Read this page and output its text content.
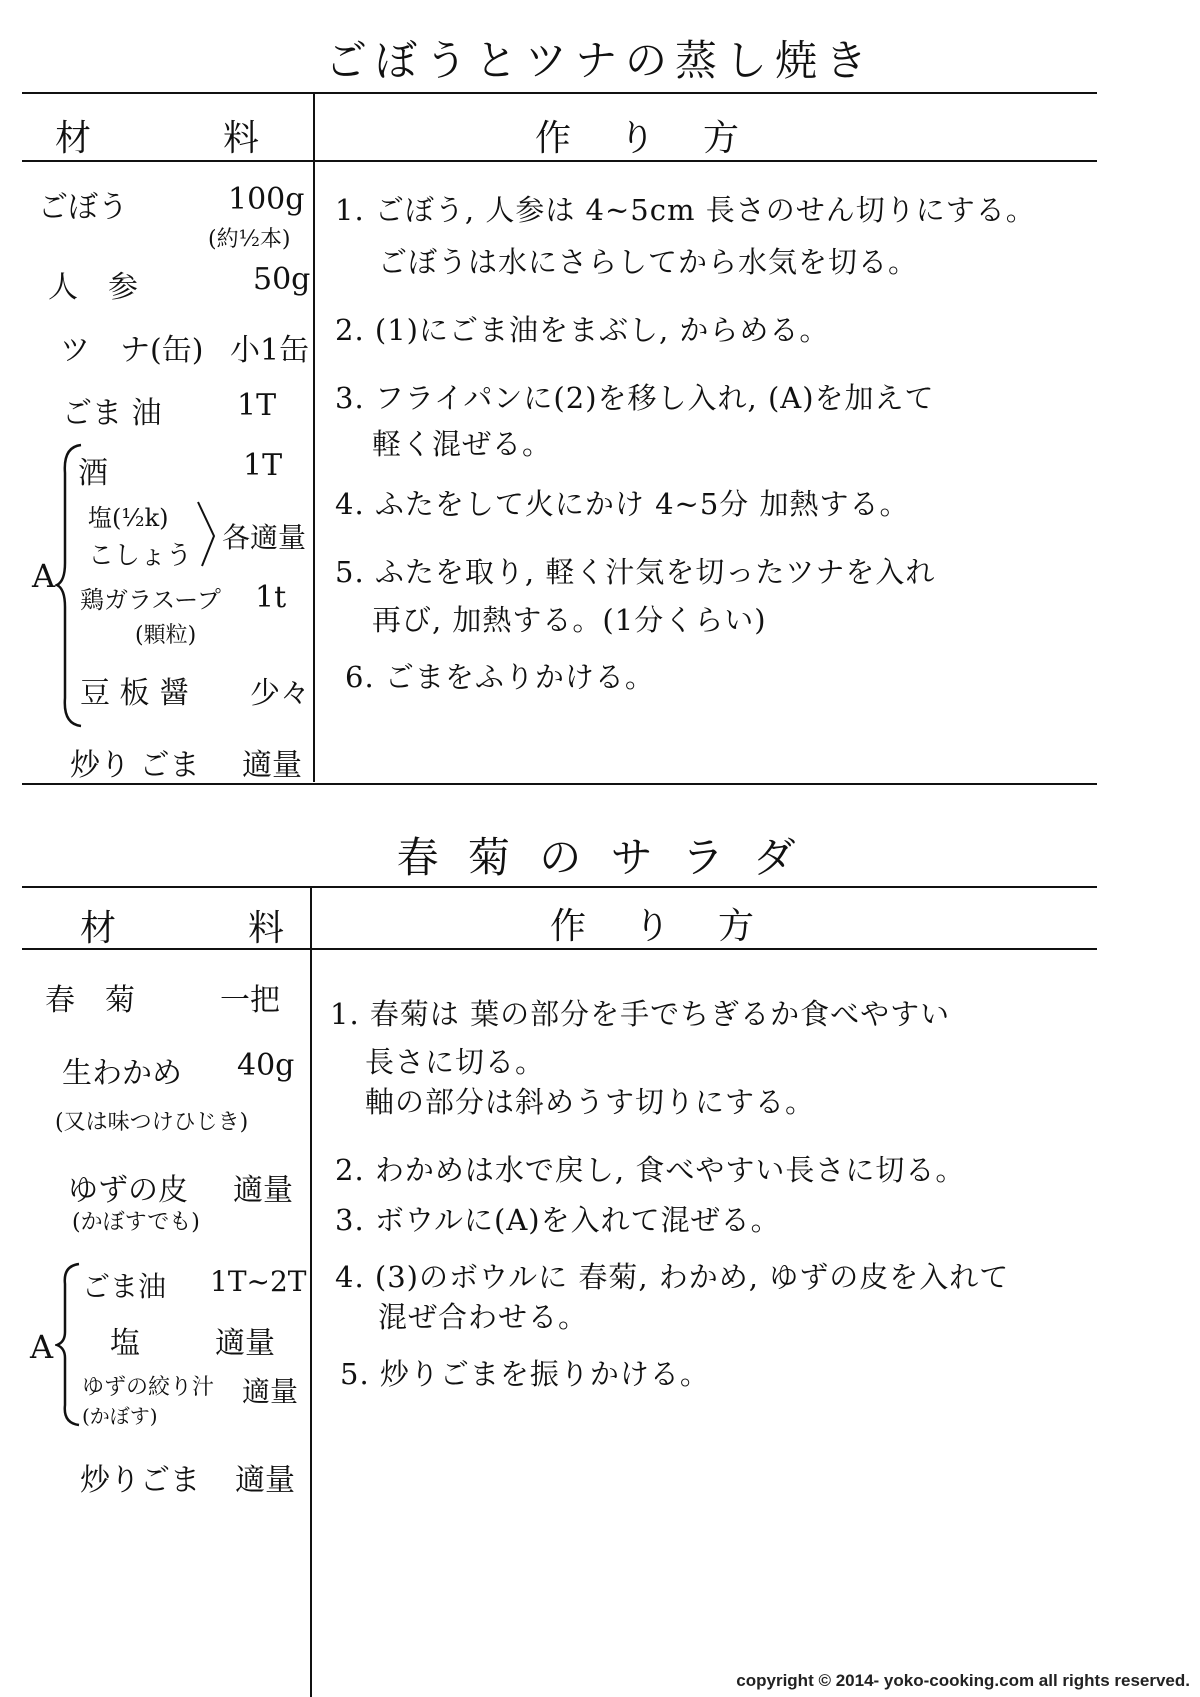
ごぼうとツナの蒸し焼き
材　　　料	作　り　方
ごぼう	100g
(約½本)
人　参	50g
ツ　ナ(缶) 小1缶
ごま 油	1T
A
酒	1T
塩(½k)
こしょう
各適量
鶏ガラスープ 1t
(顆粒)
豆 板 醤 少々
炒り ごま 適量
1. ごぼう, 人参は 4~5cm 長さのせん切りにする。
ごぼうは水にさらしてから水気を切る。
2. (1)にごま油をまぶし, からめる。
3. フライパンに(2)を移し入れ, (A)を加えて
軽く混ぜる。
4. ふたをして火にかけ 4~5分 加熱する。
5. ふたを取り, 軽く汁気を切ったツナを入れ
再び, 加熱する。(1分くらい)
6. ごまをふりかける。
春 菊 の サ ラ ダ
材　　　料	作　り　方
春　菊	一把
生わかめ 40g
(又は味つけひじき)
ゆずの皮 適量
(かぼすでも)
A
ごま油 1T~2T
塩	適量
ゆずの絞り汁 適量
(かぼす)
炒りごま 適量
1. 春菊は 葉の部分を手でちぎるか食べやすい
長さに切る。
軸の部分は斜めうす切りにする。
2. わかめは水で戻し, 食べやすい長さに切る。
3. ボウルに(A)を入れて混ぜる。
4. (3)のボウルに 春菊, わかめ, ゆずの皮を入れて
混ぜ合わせる。
5. 炒りごまを振りかける。
copyright © 2014- yoko-cooking.com all rights reserved.
